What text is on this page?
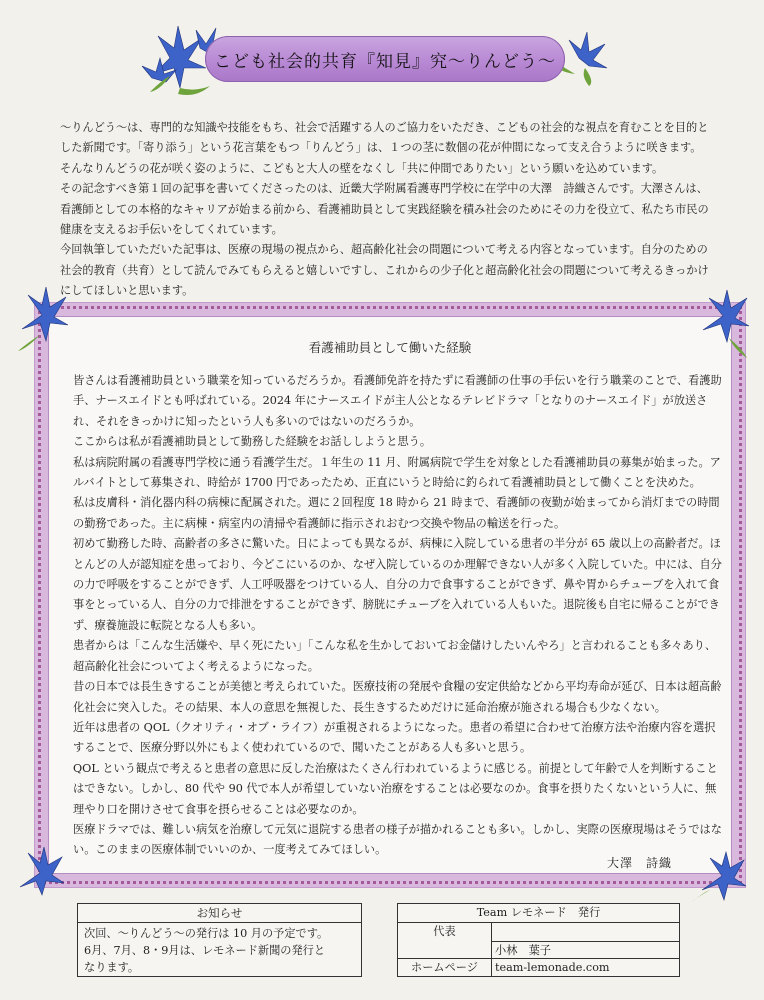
こども社会的共育『知見』究〜りんどう〜

〜りんどう〜は、専門的な知識や技能をもち、社会で活躍する人のご協力をいただき、こどもの社会的な視点を育むことを目的とした新聞です。「寄り添う」という花言葉をもつ「りんどう」は、１つの茎に数個の花が仲間になって支え合うように咲きます。そんなりんどうの花が咲く姿のように、こどもと大人の壁をなくし「共に仲間でありたい」という願いを込めています。

その記念すべき第１回の記事を書いてくださったのは、近畿大学附属看護専門学校に在学中の大澤　詩織さんです。大澤さんは、看護師としての本格的なキャリアが始まる前から、看護補助員として実践経験を積み社会のためにその力を役立て、私たち市民の健康を支えるお手伝いをしてくれています。

今回執筆していただいた記事は、医療の現場の視点から、超高齢化社会の問題について考える内容となっています。自分のための社会的教育（共育）として読んでみてもらえると嬉しいですし、これからの少子化と超高齢化社会の問題について考えるきっかけにしてほしいと思います。

看護補助員として働いた経験

皆さんは看護補助員という職業を知っているだろうか。看護師免許を持たずに看護師の仕事の手伝いを行う職業のことで、看護助手、ナースエイドとも呼ばれている。2024 年にナースエイドが主人公となるテレビドラマ「となりのナースエイド」が放送され、それをきっかけに知ったという人も多いのではないのだろうか。

ここからは私が看護補助員として勤務した経験をお話ししようと思う。

私は病院附属の看護専門学校に通う看護学生だ。１年生の 11 月、附属病院で学生を対象とした看護補助員の募集が始まった。アルバイトとして募集され、時給が 1700 円であったため、正直にいうと時給に釣られて看護補助員として働くことを決めた。

私は皮膚科・消化器内科の病棟に配属された。週に２回程度 18 時から 21 時まで、看護師の夜勤が始まってから消灯までの時間の勤務であった。主に病棟・病室内の清掃や看護師に指示されおむつ交換や物品の輸送を行った。

初めて勤務した時、高齢者の多さに驚いた。日によっても異なるが、病棟に入院している患者の半分が 65 歳以上の高齢者だ。ほとんどの人が認知症を患っており、今どこにいるのか、なぜ入院しているのか理解できない人が多く入院していた。中には、自分の力で呼吸をすることができず、人工呼吸器をつけている人、自分の力で食事することができず、鼻や胃からチューブを入れて食事をとっている人、自分の力で排泄をすることができず、膀胱にチューブを入れている人もいた。退院後も自宅に帰ることができず、療養施設に転院となる人も多い。

患者からは「こんな生活嫌や、早く死にたい」「こんな私を生かしておいてお金儲けしたいんやろ」と言われることも多々あり、超高齢化社会についてよく考えるようになった。

昔の日本では長生きすることが美徳と考えられていた。医療技術の発展や食糧の安定供給などから平均寿命が延び、日本は超高齢化社会に突入した。その結果、本人の意思を無視した、長生きするためだけに延命治療が施される場合も少なくない。

近年は患者の QOL（クオリティ・オブ・ライフ）が重視されるようになった。患者の希望に合わせて治療方法や治療内容を選択することで、医療分野以外にもよく使われているので、聞いたことがある人も多いと思う。

QOL という観点で考えると患者の意思に反した治療はたくさん行われているように感じる。前提として年齢で人を判断することはできない。しかし、80 代や 90 代で本人が希望していない治療をすることは必要なのか。食事を摂りたくないという人に、無理やり口を開けさせて食事を摂らせることは必要なのか。

医療ドラマでは、難しい病気を治療して元気に退院する患者の様子が描かれることも多い。しかし、実際の医療現場はそうではない。このままの医療体制でいいのか、一度考えてみてほしい。

大澤　詩織
お知らせ
次回、〜りんどう〜の発行は 10 月の予定です。
6月、7月、8・9月は、レモネード新聞の発行と
なります。
Team レモネード　発行
代表
小林　葉子
ホームページ	team-lemonade.com
